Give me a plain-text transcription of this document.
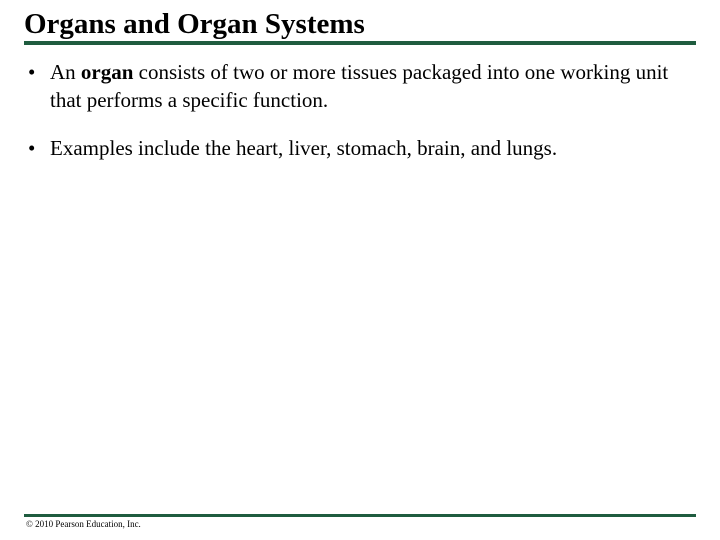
Organs and Organ Systems
• An organ consists of two or more tissues packaged into one working unit that performs a specific function.
• Examples include the heart, liver, stomach, brain, and lungs.
© 2010 Pearson Education, Inc.
